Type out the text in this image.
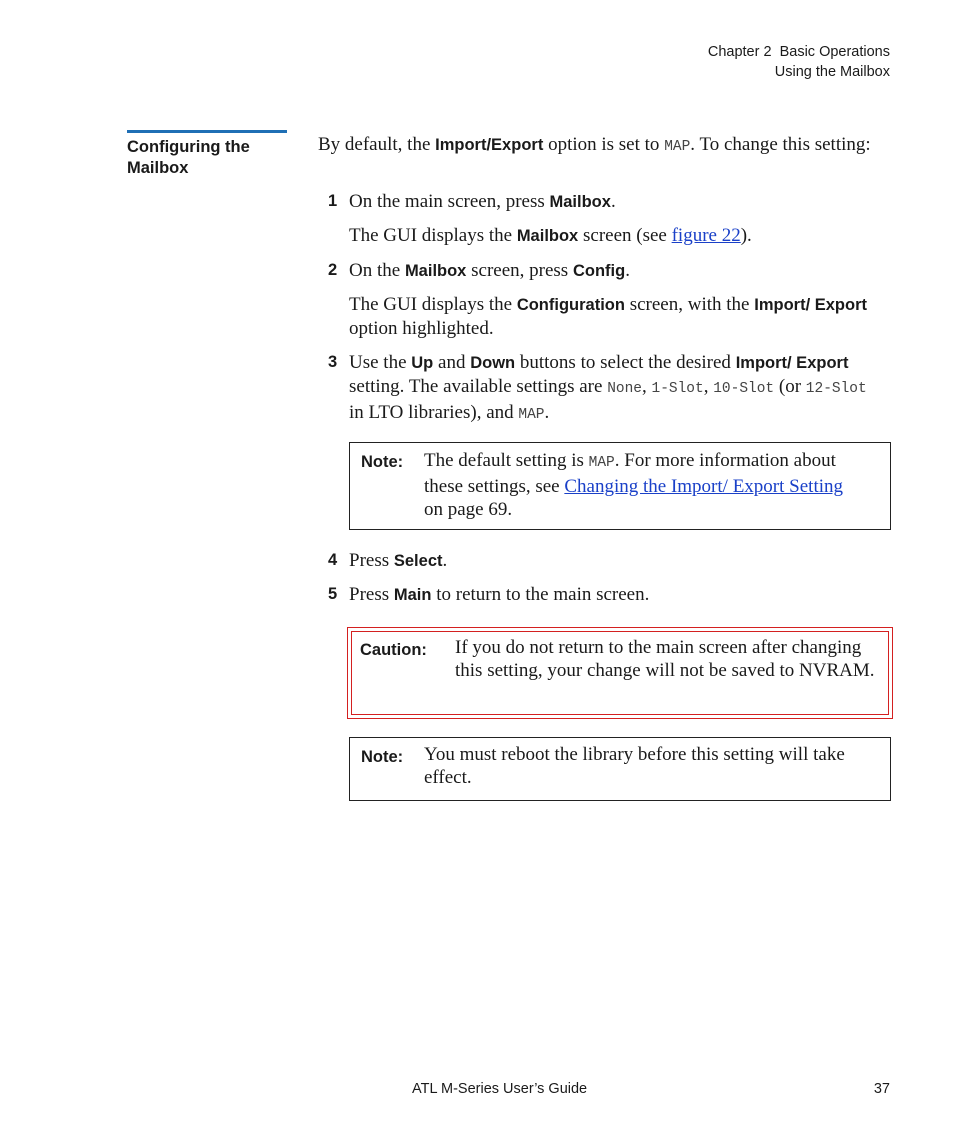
Chapter 2  Basic Operations
Using the Mailbox
Configuring the
Mailbox
By default, the Import/Export option is set to MAP. To change this setting:
1 On the main screen, press Mailbox.
The GUI displays the Mailbox screen (see figure 22).
2 On the Mailbox screen, press Config.
The GUI displays the Configuration screen, with the Import/ Export option highlighted.
3 Use the Up and Down buttons to select the desired Import/ Export setting. The available settings are None, 1-Slot, 10-Slot (or 12-Slot in LTO libraries), and MAP.
Note: The default setting is MAP. For more information about these settings, see Changing the Import/ Export Setting on page 69.
4 Press Select.
5 Press Main to return to the main screen.
Caution: If you do not return to the main screen after changing this setting, your change will not be saved to NVRAM.
Note: You must reboot the library before this setting will take effect.
ATL M-Series User’s Guide	37
